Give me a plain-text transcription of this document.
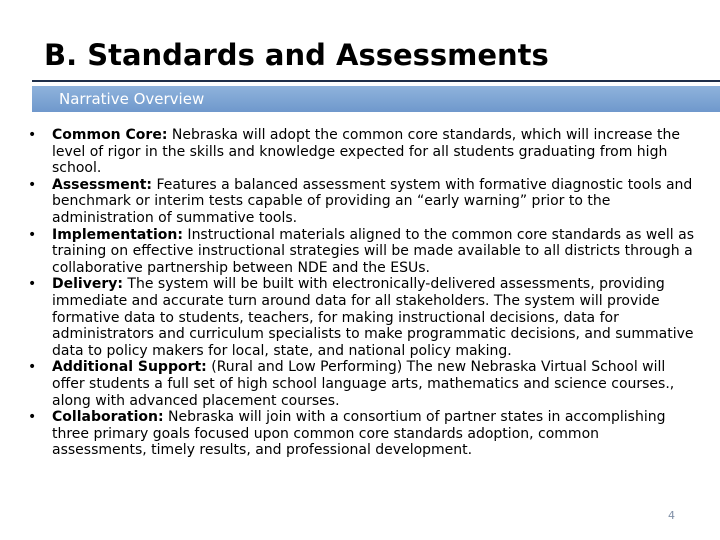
B. Standards and Assessments
Narrative Overview
• Common Core: Nebraska will adopt the common core standards, which will increase the level of rigor in the skills and knowledge expected for all students graduating from high school.
• Assessment: Features a balanced assessment system with formative diagnostic tools and benchmark or interim tests capable of providing an “early warning” prior to the administration of summative tools.
• Implementation: Instructional materials aligned to the common core standards as well as training on effective instructional strategies will be made available to all districts through a collaborative partnership between NDE and the ESUs.
• Delivery: The system will be built with electronically-delivered assessments, providing immediate and accurate turn around data for all stakeholders. The system will provide formative data to students, teachers, for making instructional decisions, data for administrators and curriculum specialists to make programmatic decisions, and summative data to policy makers for local, state, and national policy making.
• Additional Support: (Rural and Low Performing) The new Nebraska Virtual School will offer students a full set of high school language arts, mathematics and science courses., along with advanced placement courses.
• Collaboration: Nebraska will join with a consortium of partner states in accomplishing three primary goals focused upon common core standards adoption, common assessments, timely results, and professional development.
4
